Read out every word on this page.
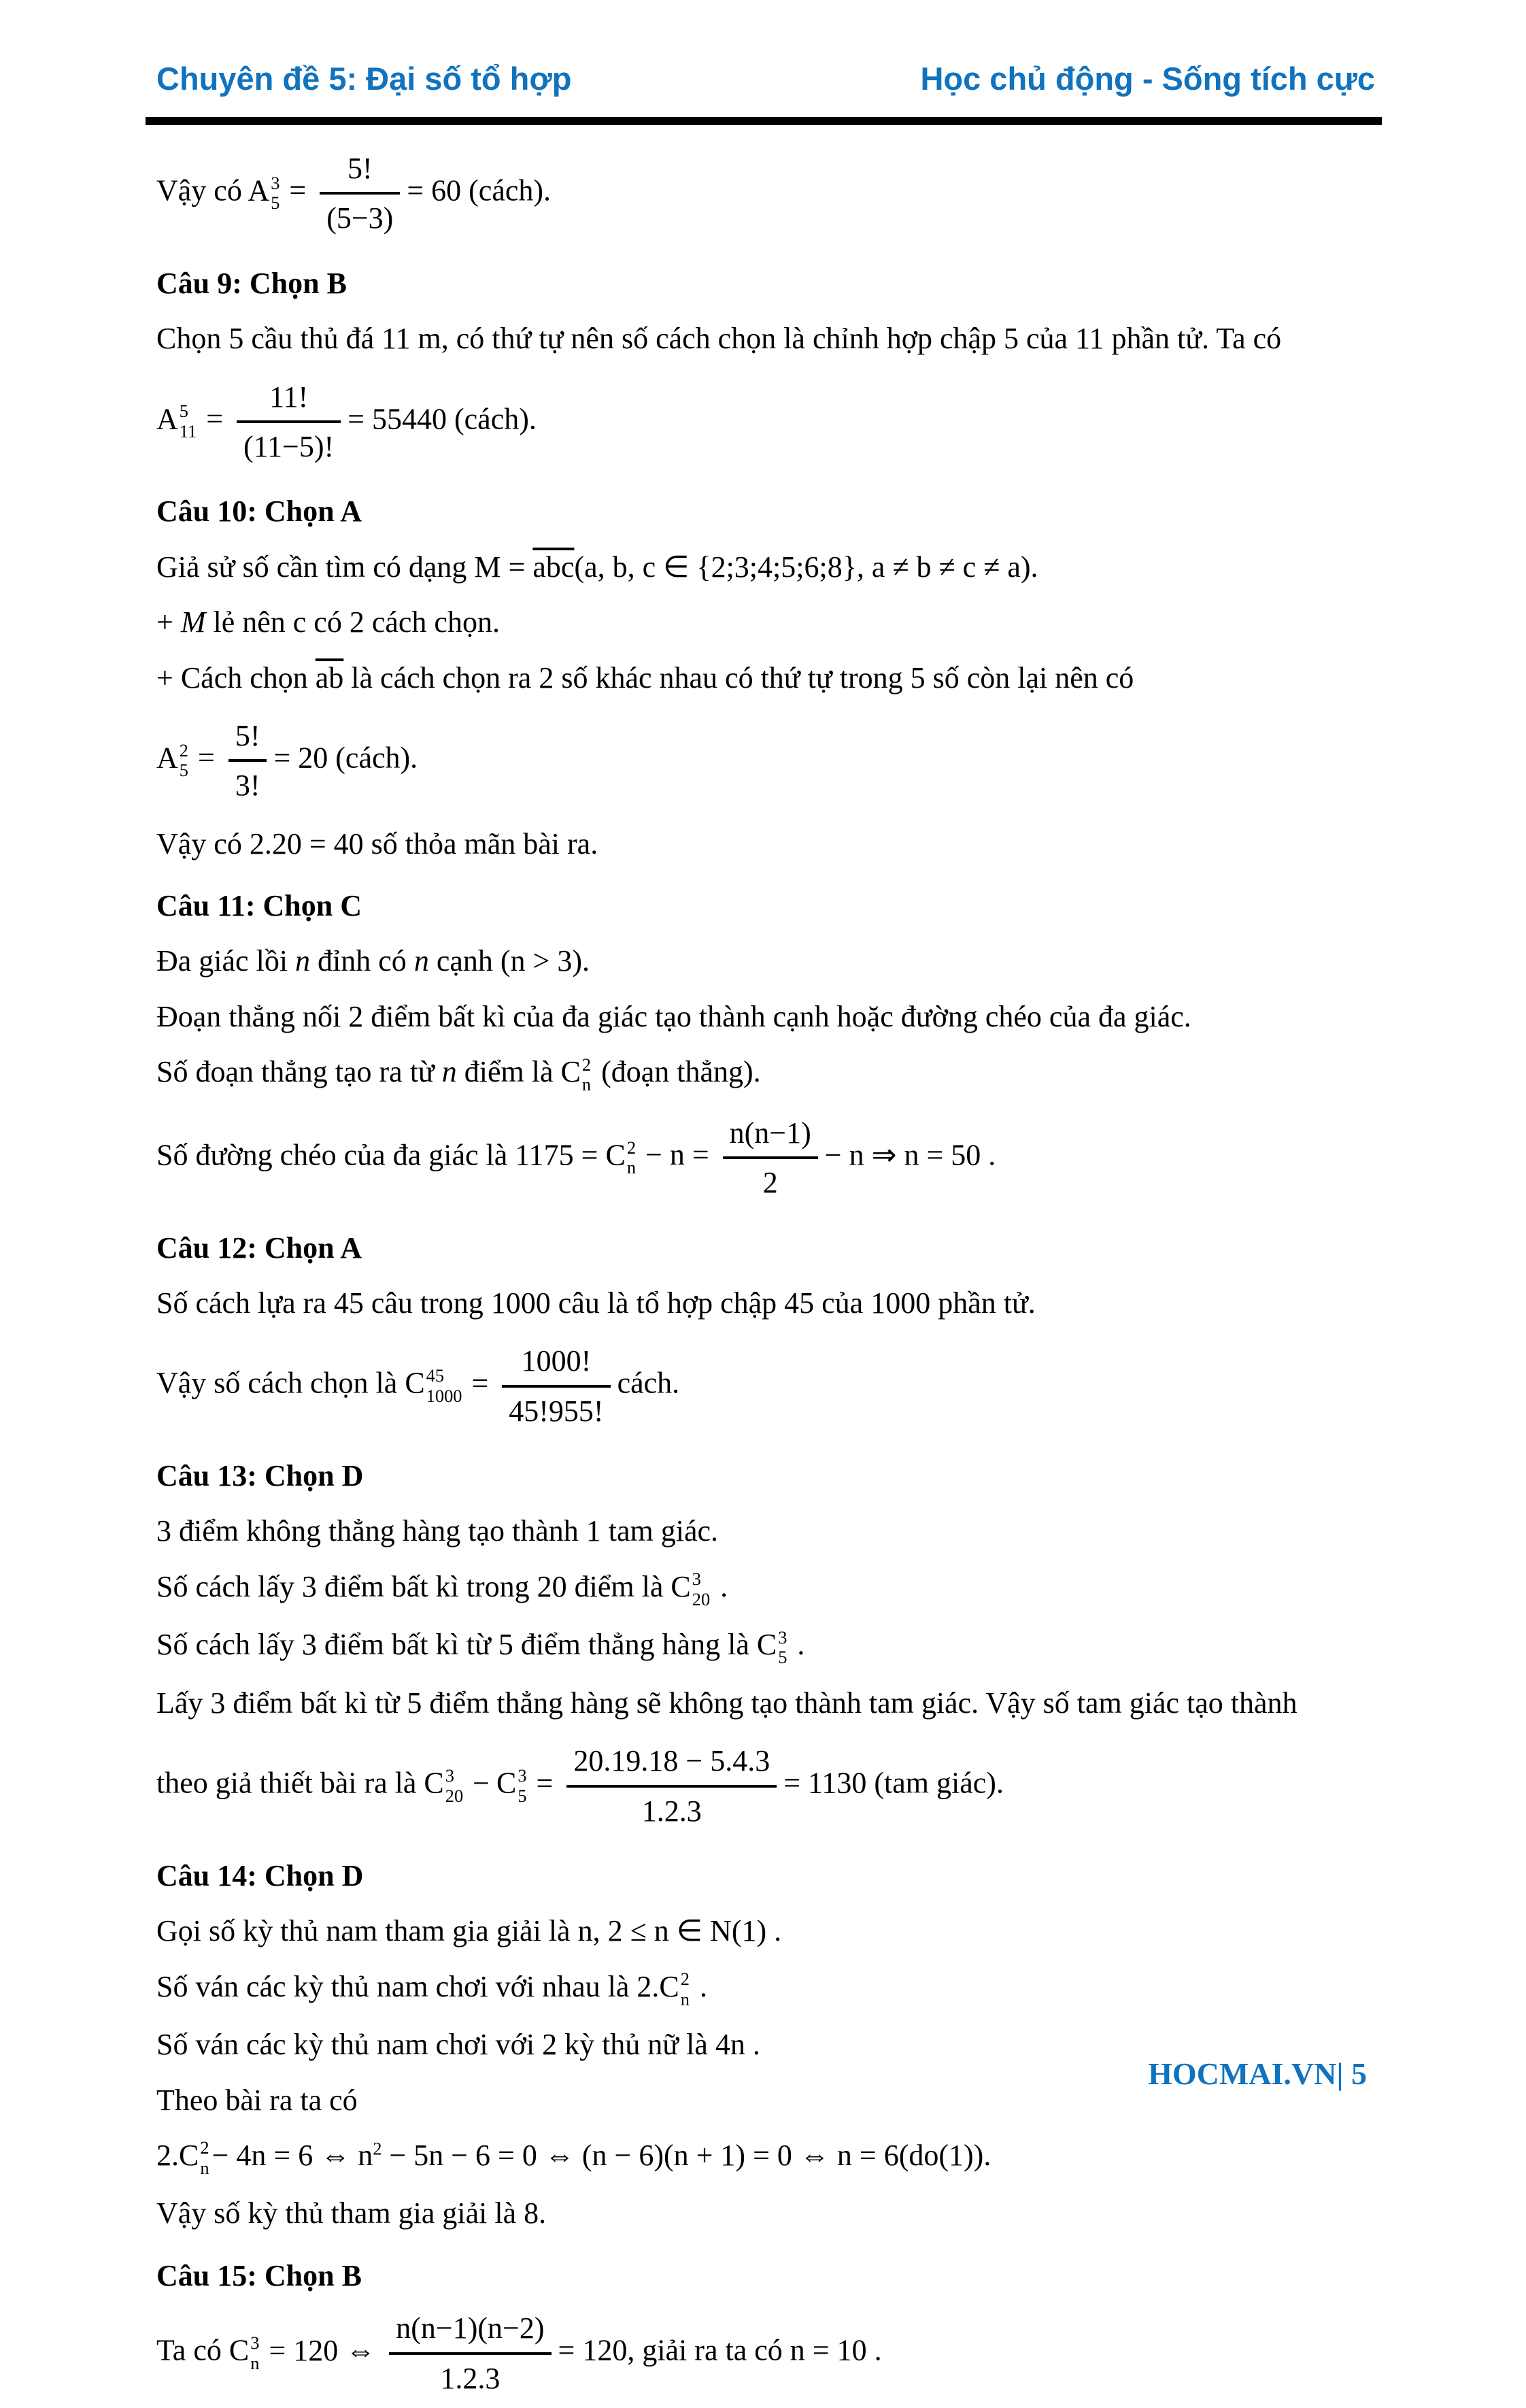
Chuyên đề 5: Đại số tổ hợp	Học chủ động - Sống tích cực

Vậy có A 3
$5 = \frac{5!}{(5-3)} = 60$ (cách).

Câu 9: Chọn B

Chọn 5 cầu thủ đá 11 m, có thứ tự nên số cách chọn là chỉnh hợp chập 5 của 11 phần tử. Ta có

A 5
$11 = \frac{11!}{(11-5)!} = 55440$ (cách).

Câu 10: Chọn A

Giả sử số cần tìm có dạng $M = \overline{abc}(a$, b, c ∈ {2;3;4;5;6;8}, a ≠ b ≠ c ≠ a).

+ M lẻ nên c có 2 cách chọn.

+ Cách chọn $\overline{ab}$ là cách chọn ra 2 số khác nhau có thứ tự trong 5 số còn lại nên có

A 2
$5 = \frac{5!}{3!} = 20$ (cách).

Vậy có 2.20 = 40 số thỏa mãn bài ra.

Câu 11: Chọn C

Đa giác lồi n đỉnh có n cạnh (n > 3).

Đoạn thẳng nối 2 điểm bất kì của đa giác tạo thành cạnh hoặc đường chéo của đa giác.

Số đoạn thẳng tạo ra từ n điểm là C 2
n (đoạn thẳng).

Số đường chéo của đa giác là 1175 = C 2
$n - n = \frac{n(n-1)}{2} - n$ ⇒ n = 50 .

Câu 12: Chọn A

Số cách lựa ra 45 câu trong 1000 câu là tổ hợp chập 45 của 1000 phần tử.

Vậy số cách chọn là C 45
$1000 = \frac{1000!}{45!955!}$ cách.

Câu 13: Chọn D

3 điểm không thẳng hàng tạo thành 1 tam giác.

Số cách lấy 3 điểm bất kì trong 20 điểm là C 3
20 .

Số cách lấy 3 điểm bất kì từ 5 điểm thẳng hàng là C 3
5 .

Lấy 3 điểm bất kì từ 5 điểm thẳng hàng sẽ không tạo thành tam giác. Vậy số tam giác tạo thành

theo giả thiết bài ra là C 3
20 − C 3
$5 = \frac{20.19.18 - 5.4.3}{1.2.3} = 1130$ (tam giác).

Câu 14: Chọn D

Gọi số kỳ thủ nam tham gia giải là n, 2 ≤ n ∈ N(1) .

Số ván các kỳ thủ nam chơi với nhau là 2.C 2
n .

Số ván các kỳ thủ nam chơi với 2 kỳ thủ nữ là 4n .

Theo bài ra ta có

2.C 2
n − 4n = 6 ⇔ $n^2 - 5n - 6 = 0$ ⇔ (n − 6)(n + 1) = 0 ⇔ n = 6(do(1)).

Vậy số kỳ thủ tham gia giải là 8.

Câu 15: Chọn B

Ta có C 3
n = 120 ⇔ $\frac{n(n-1)(n-2)}{1.2.3} = 120$, giải ra ta có n = 10 .

HOCMAI.VN| 5
